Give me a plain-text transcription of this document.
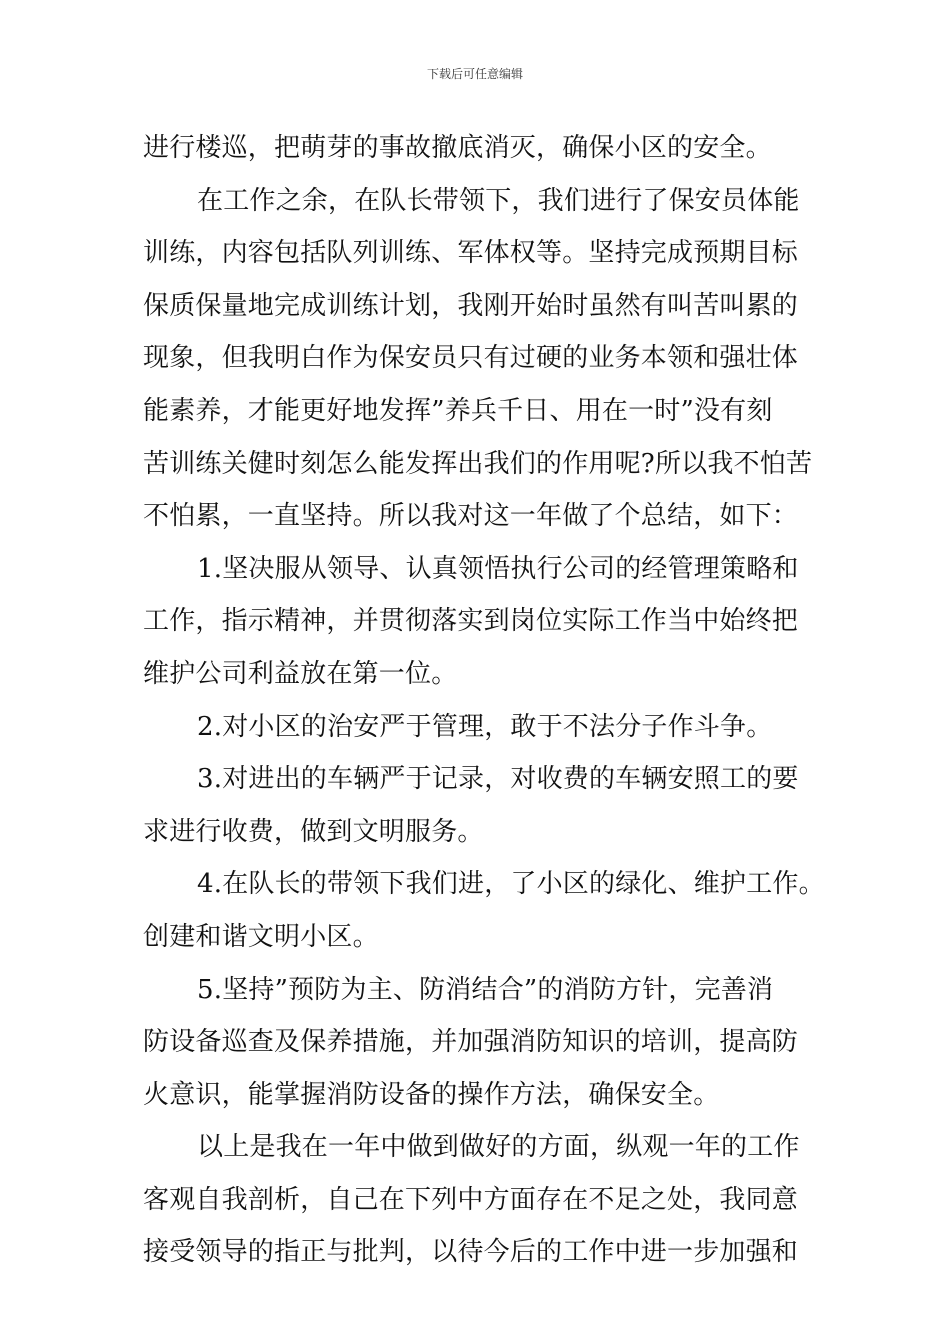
下载后可任意编辑
进行楼巡，把萌芽的事故撤底消灭，确保小区的安全。
在工作之余，在队长带领下，我们进行了保安员体能
训练，内容包括队列训练、军体权等。坚持完成预期目标
保质保量地完成训练计划，我刚开始时虽然有叫苦叫累的
现象，但我明白作为保安员只有过硬的业务本领和强壮体
能素养，才能更好地发挥”养兵千日、用在一时”没有刻
苦训练关健时刻怎么能发挥出我们的作用呢?所以我不怕苦
不怕累，一直坚持。所以我对这一年做了个总结，如下：
1.坚决服从领导、认真领悟执行公司的经管理策略和
工作，指示精神，并贯彻落实到岗位实际工作当中始终把
维护公司利益放在第一位。
2.对小区的治安严于管理，敢于不法分子作斗争。
3.对进出的车辆严于记录，对收费的车辆安照工的要
求进行收费，做到文明服务。
4.在队长的带领下我们进，了小区的绿化、维护工作。
创建和谐文明小区。
5.坚持”预防为主、防消结合”的消防方针，完善消
防设备巡查及保养措施，并加强消防知识的培训，提高防
火意识，能掌握消防设备的操作方法，确保安全。
以上是我在一年中做到做好的方面，纵观一年的工作
客观自我剖析，自己在下列中方面存在不足之处，我同意
接受领导的指正与批判，以待今后的工作中进一步加强和
